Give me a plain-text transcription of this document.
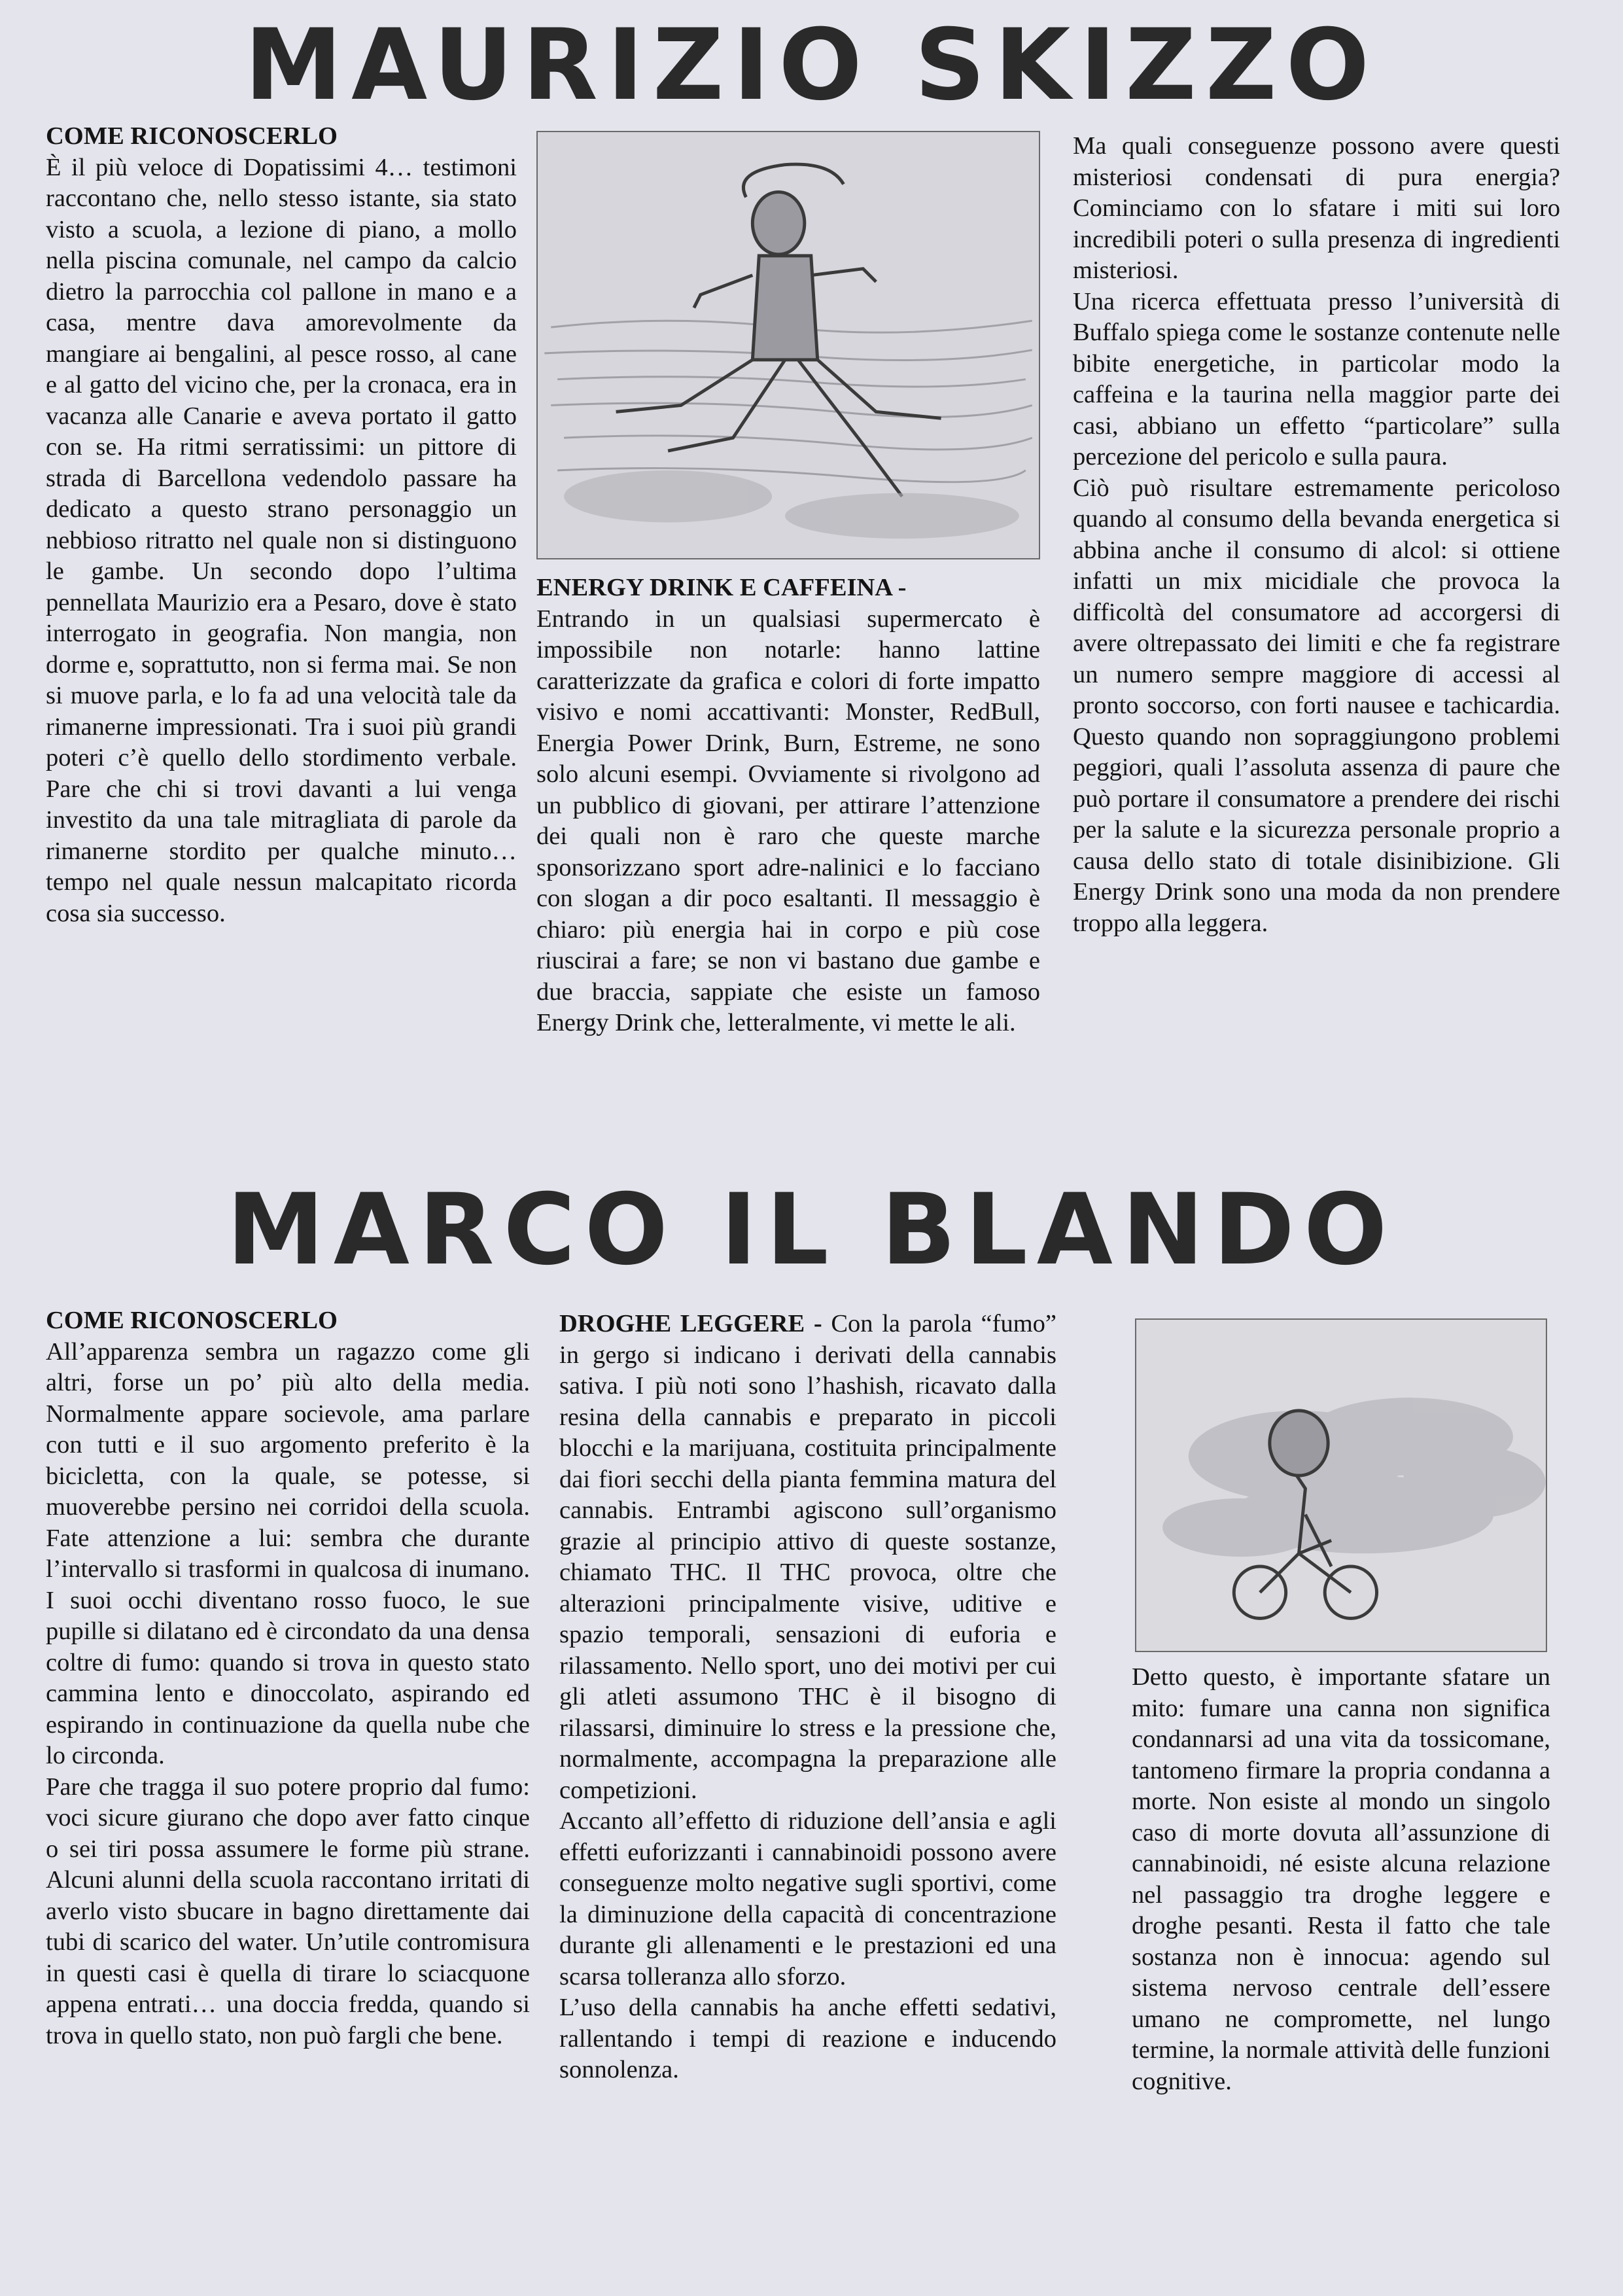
MAURIZIO SKIZZO
COME RICONOSCERLO

È il più veloce di Dopatissimi 4… testimoni raccontano che, nello stesso istante, sia stato visto a scuola, a lezione di piano, a mollo nella piscina comunale, nel campo da calcio dietro la parrocchia col pallone in mano e a casa, mentre dava amorevolmente da mangiare ai bengalini, al pesce rosso, al cane e al gatto del vicino che, per la cronaca, era in vacanza alle Canarie e aveva portato il gatto con se. Ha ritmi serratissimi: un pittore di strada di Barcellona vedendolo passare ha dedicato a questo strano personaggio un nebbioso ritratto nel quale non si distinguono le gambe. Un secondo dopo l’ultima pennellata Maurizio era a Pesaro, dove è stato interrogato in geografia. Non mangia, non dorme e, soprattutto, non si ferma mai. Se non si muove parla, e lo fa ad una velocità tale da rimanerne impressionati. Tra i suoi più grandi poteri c’è quello dello stordimento verbale. Pare che chi si trovi davanti a lui venga investito da una tale mitragliata di parole da rimanerne stordito per qualche minuto… tempo nel quale nessun malcapitato ricorda cosa sia successo.

ENERGY DRINK E CAFFEINA -

Entrando in un qualsiasi supermercato è impossibile non notarle: hanno lattine caratterizzate da grafica e colori di forte impatto visivo e nomi accattivanti: Monster, RedBull, Energia Power Drink, Burn, Estreme, ne sono solo alcuni esempi. Ovviamente si rivolgono ad un pubblico di giovani, per attirare l’attenzione dei quali non è raro che queste marche sponsorizzano sport adre-nalinici e lo facciano con slogan a dir poco esaltanti. Il messaggio è chiaro: più energia hai in corpo e più cose riuscirai a fare; se non vi bastano due gambe e due braccia, sappiate che esiste un famoso Energy Drink che, letteralmente, vi mette le ali.

Ma quali conseguenze possono avere questi misteriosi condensati di pura energia? Cominciamo con lo sfatare i miti sui loro incredibili poteri o sulla presenza di ingredienti misteriosi.

Una ricerca effettuata presso l’università di Buffalo spiega come le sostanze contenute nelle bibite energetiche, in particolar modo la caffeina e la taurina nella maggior parte dei casi, abbiano un effetto “particolare” sulla percezione del pericolo e sulla paura.

Ciò può risultare estremamente pericoloso quando al consumo della bevanda energetica si abbina anche il consumo di alcol: si ottiene infatti un mix micidiale che provoca la difficoltà del consumatore ad accorgersi di avere oltrepassato dei limiti e che fa registrare un numero sempre maggiore di accessi al pronto soccorso, con forti nausee e tachicardia. Questo quando non sopraggiungono problemi peggiori, quali l’assoluta assenza di paure che può portare il consumatore a prendere dei rischi per la salute e la sicurezza personale proprio a causa dello stato di totale disinibizione. Gli Energy Drink sono una moda da non prendere troppo alla leggera.

MARCO IL BLANDO
COME RICONOSCERLO

All’apparenza sembra un ragazzo come gli altri, forse un po’ più alto della media. Normalmente appare socievole, ama parlare con tutti e il suo argomento preferito è la bicicletta, con la quale, se potesse, si muoverebbe persino nei corridoi della scuola. Fate attenzione a lui: sembra che durante l’intervallo si trasformi in qualcosa di inumano. I suoi occhi diventano rosso fuoco, le sue pupille si dilatano ed è circondato da una densa coltre di fumo: quando si trova in questo stato cammina lento e dinoccolato, aspirando ed espirando in continuazione da quella nube che lo circonda.

Pare che tragga il suo potere proprio dal fumo: voci sicure giurano che dopo aver fatto cinque o sei tiri possa assumere le forme più strane. Alcuni alunni della scuola raccontano irritati di averlo visto sbucare in bagno direttamente dai tubi di scarico del water. Un’utile contromisura in questi casi è quella di tirare lo sciacquone appena entrati… una doccia fredda, quando si trova in quello stato, non può fargli che bene.

DROGHE LEGGERE - Con la parola “fumo” in gergo si indicano i derivati della cannabis sativa. I più noti sono l’hashish, ricavato dalla resina della cannabis e preparato in piccoli blocchi e la marijuana, costituita principalmente dai fiori secchi della pianta femmina matura del cannabis. Entrambi agiscono sull’organismo grazie al principio attivo di queste sostanze, chiamato THC. Il THC provoca, oltre che alterazioni principalmente visive, uditive e spazio temporali, sensazioni di euforia e rilassamento. Nello sport, uno dei motivi per cui gli atleti assumono THC è il bisogno di rilassarsi, diminuire lo stress e la pressione che, normalmente, accompagna la preparazione alle competizioni.

Accanto all’effetto di riduzione dell’ansia e agli effetti euforizzanti i cannabinoidi possono avere conseguenze molto negative sugli sportivi, come la diminuzione della capacità di concentrazione durante gli allenamenti e le prestazioni ed una scarsa tolleranza allo sforzo.

L’uso della cannabis ha anche effetti sedativi, rallentando i tempi di reazione e inducendo sonnolenza.

Detto questo, è importante sfatare un mito: fumare una canna non significa condannarsi ad una vita da tossicomane, tantomeno firmare la propria condanna a morte. Non esiste al mondo un singolo caso di morte dovuta all’assunzione di cannabinoidi, né esiste alcuna relazione nel passaggio tra droghe leggere e droghe pesanti. Resta il fatto che tale sostanza non è innocua: agendo sul sistema nervoso centrale dell’essere umano ne compromette, nel lungo termine, la normale attività delle funzioni cognitive.
